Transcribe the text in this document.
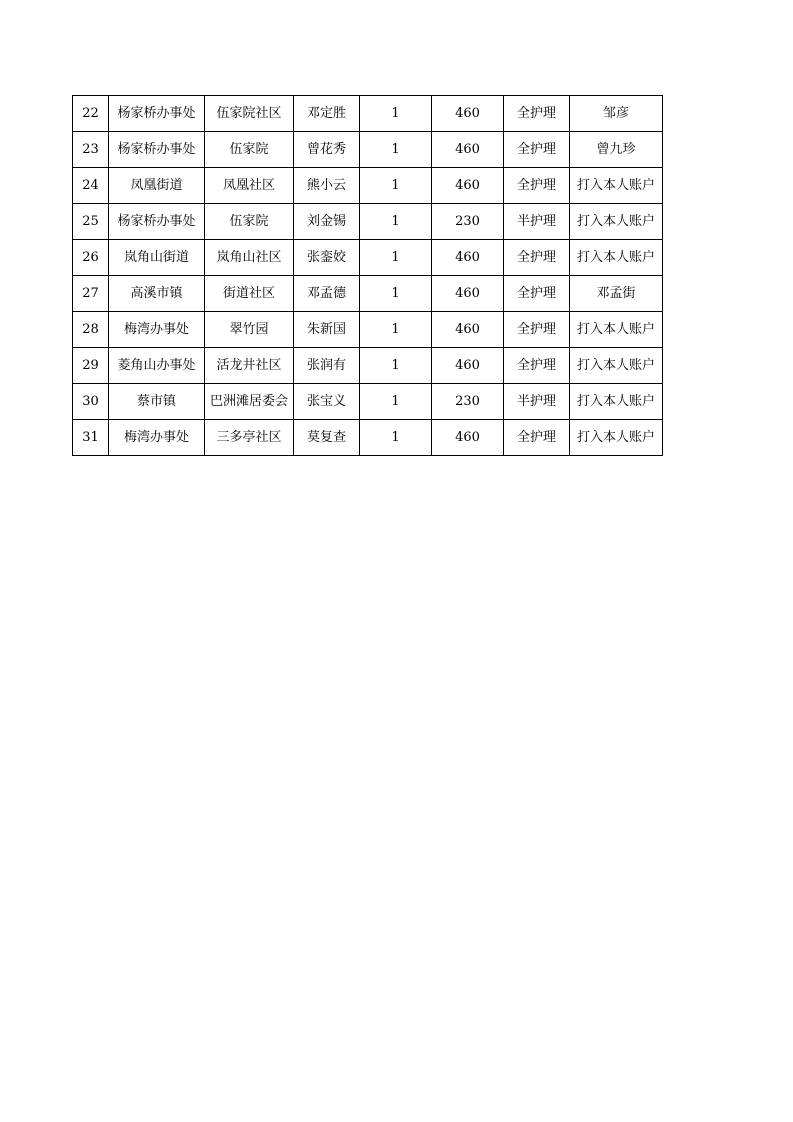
22	杨家桥办事处	伍家院社区	邓定胜	1	460	全护理	邹彦
23	杨家桥办事处	伍家院	曾花秀	1	460	全护理	曾九珍
24	凤凰街道	凤凰社区	熊小云	1	460	全护理	打入本人账户
25	杨家桥办事处	伍家院	刘金锡	1	230	半护理	打入本人账户
26	岚角山街道	岚角山社区	张銮姣	1	460	全护理	打入本人账户
27	高溪市镇	街道社区	邓孟德	1	460	全护理	邓孟街
28	梅湾办事处	翠竹园	朱新国	1	460	全护理	打入本人账户
29	菱角山办事处	活龙井社区	张润有	1	460	全护理	打入本人账户
30	蔡市镇	巴洲滩居委会	张宝义	1	230	半护理	打入本人账户
31	梅湾办事处	三多亭社区	莫复查	1	460	全护理	打入本人账户
